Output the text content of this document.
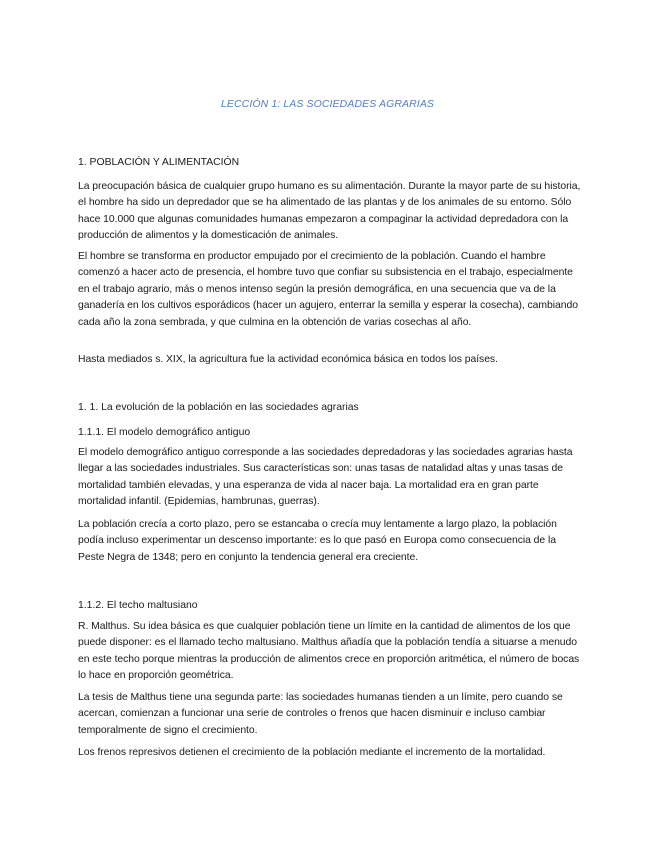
LECCIÓN 1: LAS SOCIEDADES AGRARIAS
1. POBLACIÓN Y ALIMENTACIÓN

La preocupación básica de cualquier grupo humano es su alimentación. Durante la mayor parte de su historia, el hombre ha sido un depredador que se ha alimentado de las plantas y de los animales de su entorno. Sólo hace 10.000 que algunas comunidades humanas empezaron a compaginar la actividad depredadora con la producción de alimentos y la domesticación de animales.

El hombre se transforma en productor empujado por el crecimiento de la población. Cuando el hambre comenzó a hacer acto de presencia, el hombre tuvo que confiar su subsistencia en el trabajo, especialmente en el trabajo agrario, más o menos intenso según la presión demográfica, en una secuencia que va de la ganadería en los cultivos esporádicos (hacer un agujero, enterrar la semilla y esperar la cosecha), cambiando cada año la zona sembrada, y que culmina en la obtención de varias cosechas al año.

Hasta mediados s. XIX, la agricultura fue la actividad económica básica en todos los países.

1. 1. La evolución de la población en las sociedades agrarias
1.1.1. El modelo demográfico antiguo

El modelo demográfico antiguo corresponde a las sociedades depredadoras y las sociedades agrarias hasta llegar a las sociedades industriales. Sus características son: unas tasas de natalidad altas y unas tasas de mortalidad también elevadas, y una esperanza de vida al nacer baja. La mortalidad era en gran parte mortalidad infantil. (Epidemias, hambrunas, guerras).

La población crecía a corto plazo, pero se estancaba o crecía muy lentamente a largo plazo, la población podía incluso experimentar un descenso importante: es lo que pasó en Europa como consecuencia de la Peste Negra de 1348; pero en conjunto la tendencia general era creciente.

1.1.2. El techo maltusiano

R. Malthus. Su idea básica es que cualquier población tiene un límite en la cantidad de alimentos de los que puede disponer: es el llamado techo maltusiano. Malthus añadía que la población tendía a situarse a menudo en este techo porque mientras la producción de alimentos crece en proporción aritmética, el número de bocas lo hace en proporción geométrica.

La tesis de Malthus tiene una segunda parte: las sociedades humanas tienden a un límite, pero cuando se acercan, comienzan a funcionar una serie de controles o frenos que hacen disminuir e incluso cambiar temporalmente de signo el crecimiento.

Los frenos represivos detienen el crecimiento de la población mediante el incremento de la mortalidad.
